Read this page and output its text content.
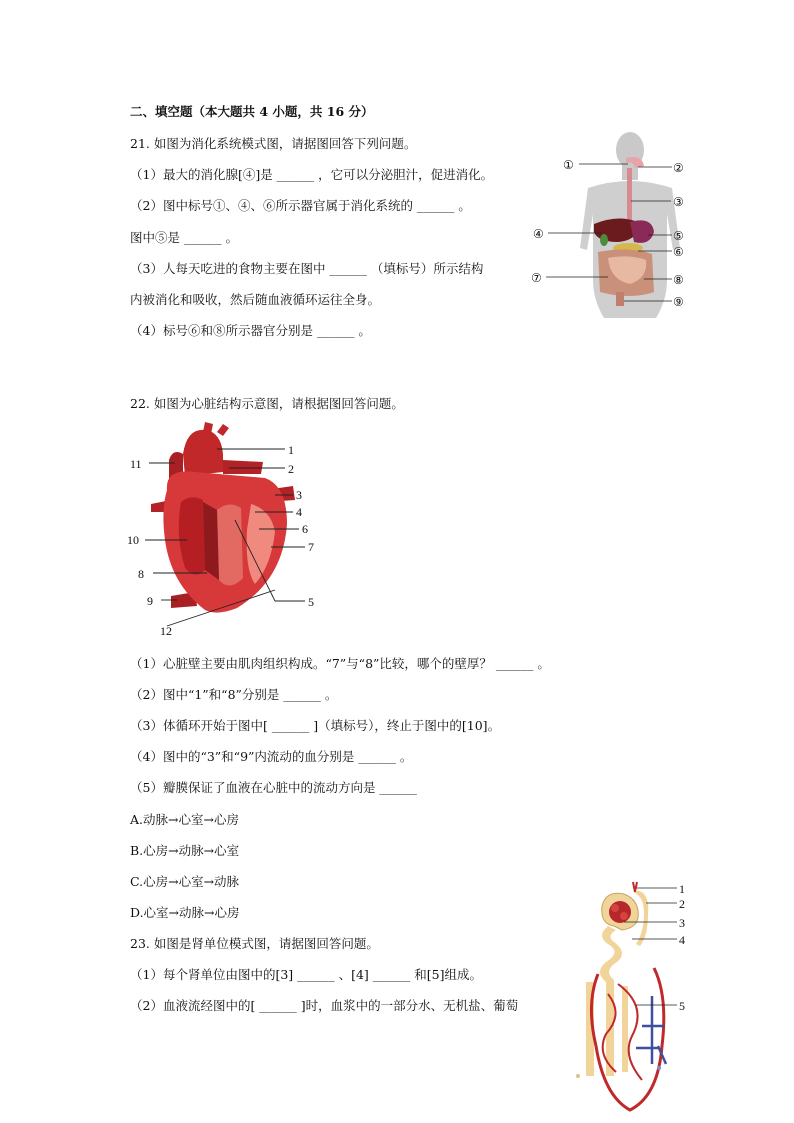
二、填空题（本大题共 4 小题，共 16 分）
21. 如图为消化系统模式图，请据图回答下列问题。
（1）最大的消化腺[④]是 ______ ，它可以分泌胆汁，促进消化。
（2）图中标号①、④、⑥所示器官属于消化系统的 ______ 。
图中⑤是 ______ 。
（3）人每天吃进的食物主要在图中 ______ （填标号）所示结构
内被消化和吸收，然后随血液循环运往全身。
（4）标号⑥和⑧所示器官分别是 ______ 。
①	②
③
④	⑤
⑥
⑦	⑧
⑨
22. 如图为心脏结构示意图，请根据图回答问题。
1
2
3
4
6
7
5
11
10
8
9
12
（1）心脏壁主要由肌肉组织构成。“7”与“8”比较，哪个的壁厚？ ______ 。
（2）图中“1”和“8”分别是 ______ 。
（3）体循环开始于图中[ ______ ]（填标号），终止于图中的[10]。
（4）图中的“3”和“9”内流动的血分别是 ______ 。
（5）瓣膜保证了血液在心脏中的流动方向是 ______
A.动脉→心室→心房
B.心房→动脉→心室
C.心房→心室→动脉
D.心室→动脉→心房
23. 如图是肾单位模式图，请据图回答问题。
（1）每个肾单位由图中的[3] ______ 、[4] ______ 和[5]组成。
（2）血液流经图中的[ ______ ]时，血浆中的一部分水、无机盐、葡萄
1
2
3
4
5
